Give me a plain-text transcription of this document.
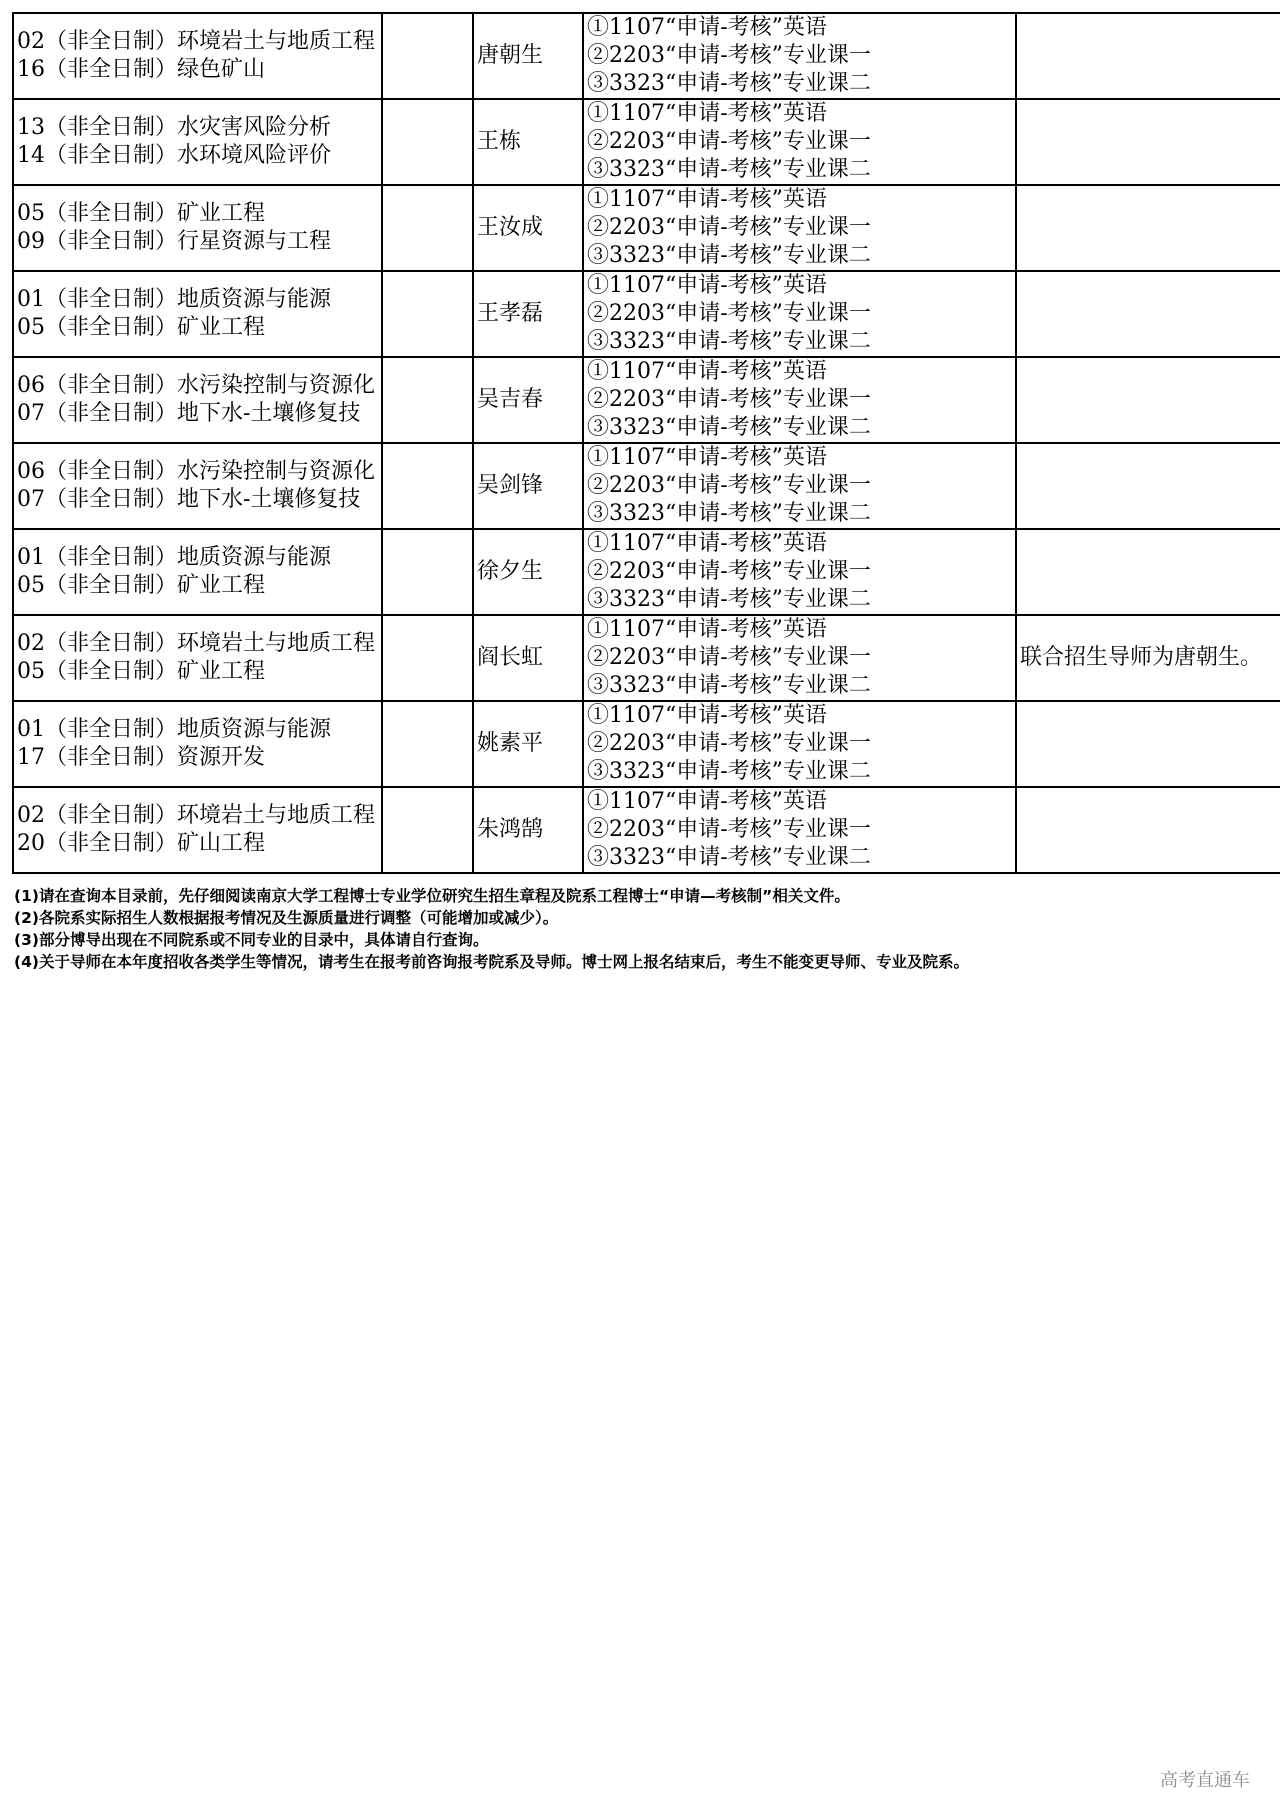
02（非全日制）环境岩土与地质工程
16（非全日制）绿色矿山		唐朝生	①1107“申请-考核”英语
②2203“申请-考核”专业课一
③3323“申请-考核”专业课二	

13（非全日制）水灾害风险分析
14（非全日制）水环境风险评价		王栋	①1107“申请-考核”英语
②2203“申请-考核”专业课一
③3323“申请-考核”专业课二	

05（非全日制）矿业工程
09（非全日制）行星资源与工程		王汝成	①1107“申请-考核”英语
②2203“申请-考核”专业课一
③3323“申请-考核”专业课二	

01（非全日制）地质资源与能源
05（非全日制）矿业工程		王孝磊	①1107“申请-考核”英语
②2203“申请-考核”专业课一
③3323“申请-考核”专业课二	

06（非全日制）水污染控制与资源化
07（非全日制）地下水-土壤修复技		吴吉春	①1107“申请-考核”英语
②2203“申请-考核”专业课一
③3323“申请-考核”专业课二	

06（非全日制）水污染控制与资源化
07（非全日制）地下水-土壤修复技		吴剑锋	①1107“申请-考核”英语
②2203“申请-考核”专业课一
③3323“申请-考核”专业课二	

01（非全日制）地质资源与能源
05（非全日制）矿业工程		徐夕生	①1107“申请-考核”英语
②2203“申请-考核”专业课一
③3323“申请-考核”专业课二	

02（非全日制）环境岩土与地质工程
05（非全日制）矿业工程		阎长虹	①1107“申请-考核”英语
②2203“申请-考核”专业课一
③3323“申请-考核”专业课二	联合招生导师为唐朝生。

01（非全日制）地质资源与能源
17（非全日制）资源开发		姚素平	①1107“申请-考核”英语
②2203“申请-考核”专业课一
③3323“申请-考核”专业课二	

02（非全日制）环境岩土与地质工程
20（非全日制）矿山工程		朱鸿鹄	①1107“申请-考核”英语
②2203“申请-考核”专业课一
③3323“申请-考核”专业课二	

(1)请在查询本目录前，先仔细阅读南京大学工程博士专业学位研究生招生章程及院系工程博士“申请—考核制”相关文件。
(2)各院系实际招生人数根据报考情况及生源质量进行调整（可能增加或减少）。
(3)部分博导出现在不同院系或不同专业的目录中，具体请自行查询。
(4)关于导师在本年度招收各类学生等情况，请考生在报考前咨询报考院系及导师。博士网上报名结束后，考生不能变更导师、专业及院系。
高考直通车
